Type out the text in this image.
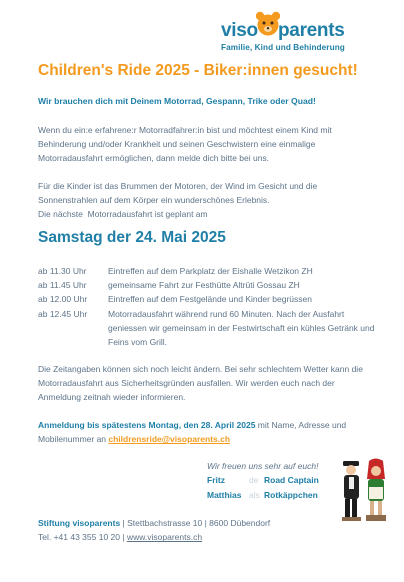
viso parents
Familie, Kind und Behinderung
Children's Ride 2025 - Biker:innen gesucht!
Wir brauchen dich mit Deinem Motorrad, Gespann, Trike oder Quad!
Wenn du ein:e erfahrene:r Motorradfahrer:in bist und möchtest einem Kind mit Behinderung und/oder Krankheit und seinen Geschwistern eine einmalige Motorradausfahrt ermöglichen, dann melde dich bitte bei uns.
Für die Kinder ist das Brummen der Motoren, der Wind im Gesicht und die Sonnenstrahlen auf dem Körper ein wunderschönes Erlebnis.
Die nächste  Motorradausfahrt ist geplant am
Samstag der 24. Mai 2025
ab 11.30 Uhr	Eintreffen auf dem Parkplatz der Eishalle Wetzikon ZH
ab 11.45 Uhr	gemeinsame Fahrt zur Festhütte Altrüti Gossau ZH
ab 12.00 Uhr	Eintreffen auf dem Festgelände und Kinder begrüssen
ab 12.45 Uhr	Motorradausfahrt während rund 60 Minuten. Nach der Ausfahrt geniessen wir gemeinsam in der Festwirtschaft ein kühles Getränk und Feins vom Grill.
Die Zeitangaben können sich noch leicht ändern. Bei sehr schlechtem Wetter kann die Motorradausfahrt aus Sicherheitsgründen ausfallen. Wir werden euch nach der Anmeldung zeitnah wieder informieren.
Anmeldung bis spätestens Montag, den 28. April 2025 mit Name, Adresse und Mobilenummer an childrensride@visoparents.ch
Wir freuen uns sehr auf euch!
Fritz	de Road Captain
Matthias als Rotkäppchen
Stiftung visoparents | Stettbachstrasse 10 | 8600 Dübendorf
Tel. +41 43 355 10 20 | www.visoparents.ch
